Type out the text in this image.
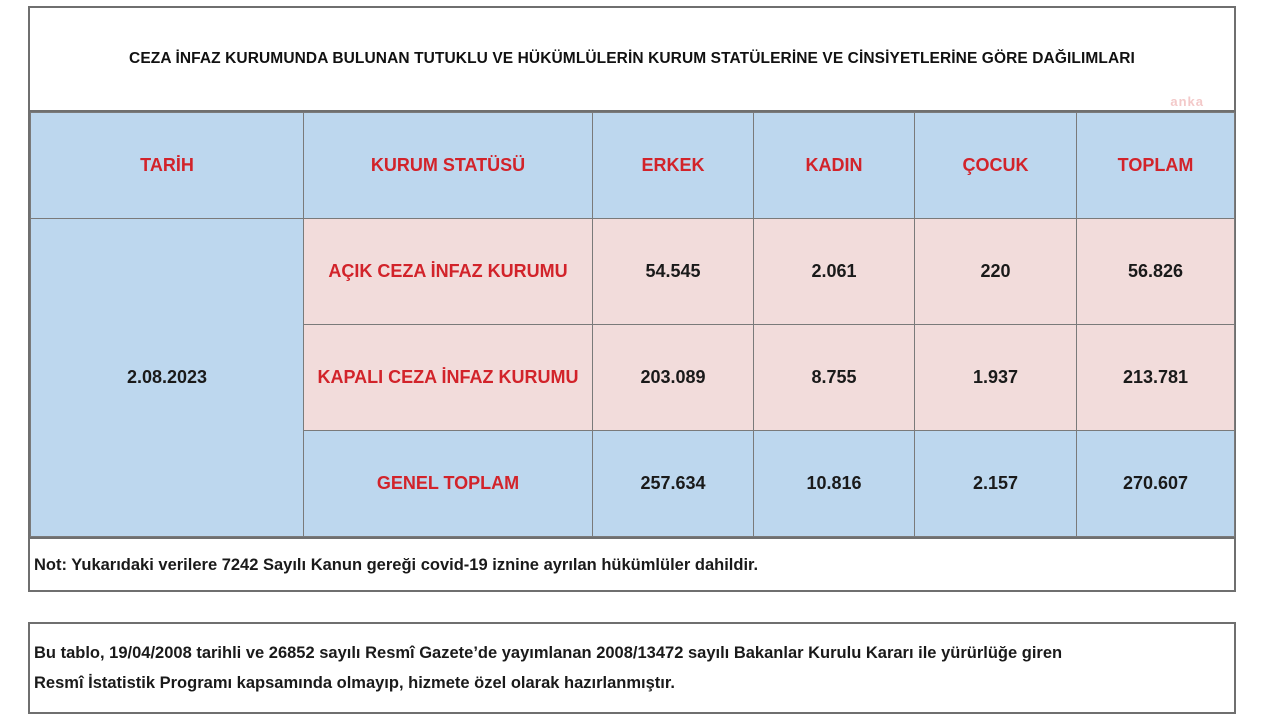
CEZA İNFAZ KURUMUNDA BULUNAN TUTUKLU VE HÜKÜMLÜLERİN KURUM STATÜLERİNE VE CİNSİYETLERİNE GÖRE DAĞILIMLARI
anka
TARİH	KURUM STATÜSÜ	ERKEK	KADIN	ÇOCUK	TOPLAM
2.08.2023	AÇIK CEZA İNFAZ KURUMU	54.545	2.061	220	56.826
	KAPALI CEZA İNFAZ KURUMU	203.089	8.755	1.937	213.781
	GENEL TOPLAM	257.634	10.816	2.157	270.607
Not: Yukarıdaki verilere 7242 Sayılı Kanun gereği covid-19 iznine ayrılan hükümlüler dahildir.
Bu tablo, 19/04/2008 tarihli ve 26852 sayılı Resmî Gazete’de yayımlanan 2008/13472 sayılı Bakanlar Kurulu Kararı ile yürürlüğe giren
Resmî İstatistik Programı kapsamında olmayıp, hizmete özel olarak hazırlanmıştır.
